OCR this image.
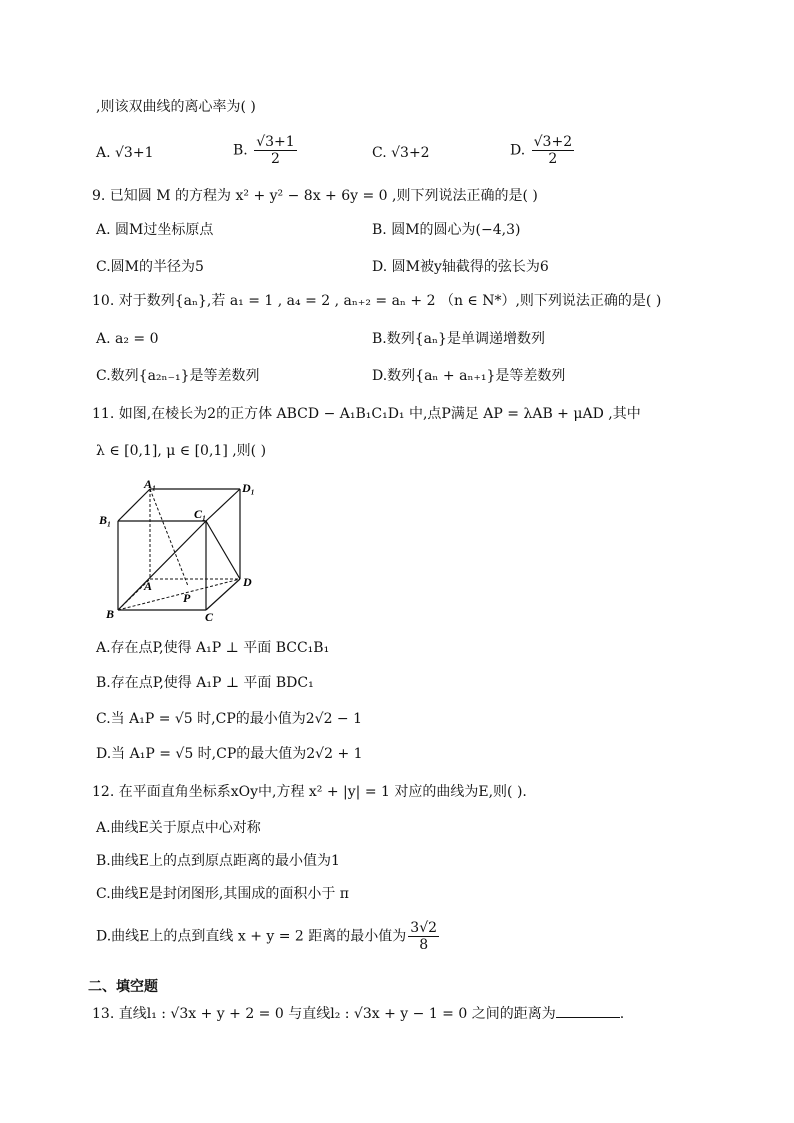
,则该双曲线的离心率为( )
A. √3+1	B. $\frac{√3+1}{2}$	C. √3+2	D. $\frac{√3+2}{2}$
9. 已知圆 M 的方程为 x² + y² − 8x + 6y = 0 ,则下列说法正确的是( )
A. 圆M过坐标原点	B. 圆M的圆心为(−4,3)
C.圆M的半径为5	D. 圆M被y轴截得的弦长为6
10. 对于数列{aₙ},若 a₁ = 1 , a₄ = 2 , aₙ₊₂ = aₙ + 2 （n ∈ N*）,则下列说法正确的是( )
A. a₂ = 0	B.数列{aₙ}是单调递增数列
C.数列{a₂ₙ₋₁}是等差数列	D.数列{aₙ + aₙ₊₁}是等差数列
11. 如图,在棱长为2的正方体 ABCD − A₁B₁C₁D₁ 中,点P满足 AP = λAB + μAD ,其中
λ ∈ [0,1], μ ∈ [0,1] ,则( )
A₁	D₁
B₁	C₁
A
P
D
B	C
A.存在点P,使得 A₁P ⊥ 平面 BCC₁B₁
B.存在点P,使得 A₁P ⊥ 平面 BDC₁
C.当 A₁P = √5 时,CP的最小值为2√2 − 1
D.当 A₁P = √5 时,CP的最大值为2√2 + 1
12. 在平面直角坐标系xOy中,方程 x² + |y| = 1 对应的曲线为E,则( ).
A.曲线E关于原点中心对称
B.曲线E上的点到原点距离的最小值为1
C.曲线E是封闭图形,其围成的面积小于 π
D.曲线E上的点到直线 x + y = 2 距离的最小值为 $\frac{3√2}{8}$
二、填空题
13. 直线l₁ : √3x + y + 2 = 0 与直线l₂ : √3x + y − 1 = 0 之间的距离为	.
